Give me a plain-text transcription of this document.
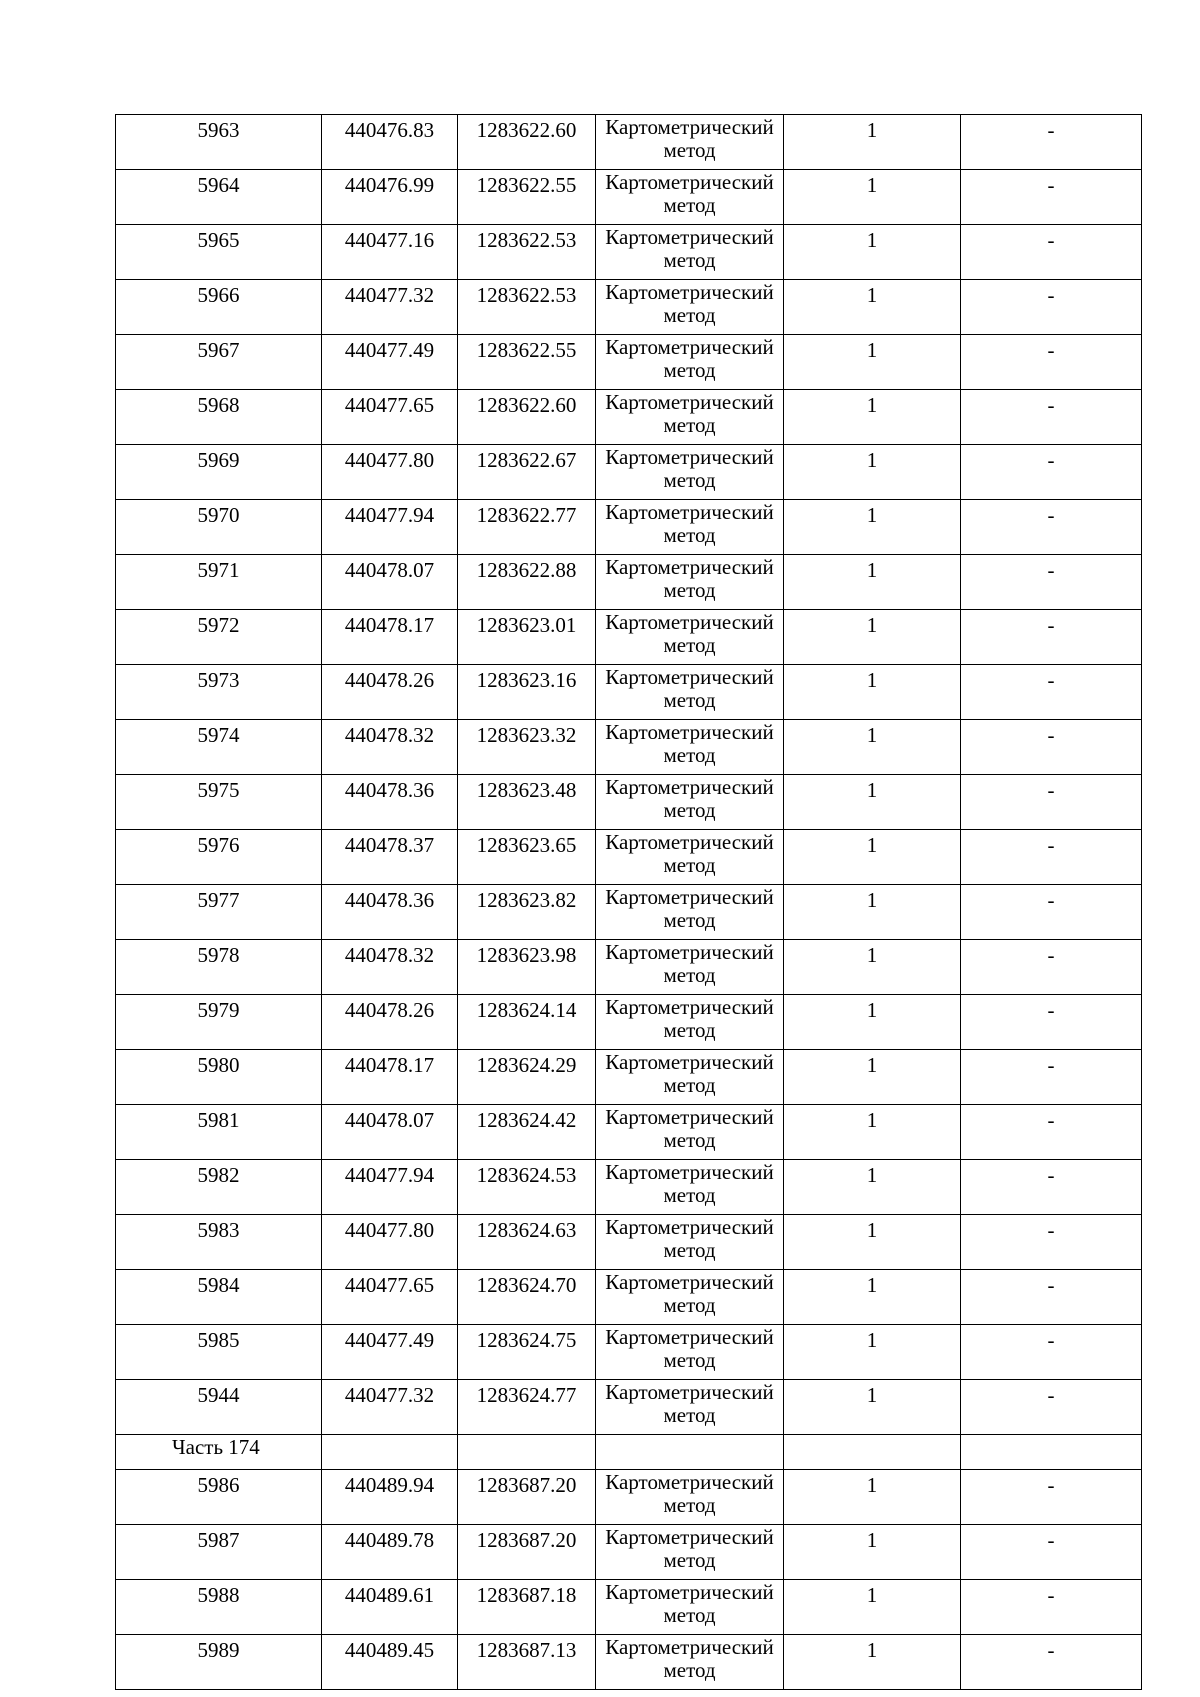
5963	440476.83	1283622.60	Картометрический
метод	1	-
5964	440476.99	1283622.55	Картометрический
метод	1	-
5965	440477.16	1283622.53	Картометрический
метод	1	-
5966	440477.32	1283622.53	Картометрический
метод	1	-
5967	440477.49	1283622.55	Картометрический
метод	1	-
5968	440477.65	1283622.60	Картометрический
метод	1	-
5969	440477.80	1283622.67	Картометрический
метод	1	-
5970	440477.94	1283622.77	Картометрический
метод	1	-
5971	440478.07	1283622.88	Картометрический
метод	1	-
5972	440478.17	1283623.01	Картометрический
метод	1	-
5973	440478.26	1283623.16	Картометрический
метод	1	-
5974	440478.32	1283623.32	Картометрический
метод	1	-
5975	440478.36	1283623.48	Картометрический
метод	1	-
5976	440478.37	1283623.65	Картометрический
метод	1	-
5977	440478.36	1283623.82	Картометрический
метод	1	-
5978	440478.32	1283623.98	Картометрический
метод	1	-
5979	440478.26	1283624.14	Картометрический
метод	1	-
5980	440478.17	1283624.29	Картометрический
метод	1	-
5981	440478.07	1283624.42	Картометрический
метод	1	-
5982	440477.94	1283624.53	Картометрический
метод	1	-
5983	440477.80	1283624.63	Картометрический
метод	1	-
5984	440477.65	1283624.70	Картометрический
метод	1	-
5985	440477.49	1283624.75	Картометрический
метод	1	-
5944	440477.32	1283624.77	Картометрический
метод	1	-
Часть 174					
5986	440489.94	1283687.20	Картометрический
метод	1	-
5987	440489.78	1283687.20	Картометрический
метод	1	-
5988	440489.61	1283687.18	Картометрический
метод	1	-
5989	440489.45	1283687.13	Картометрический
метод	1	-
